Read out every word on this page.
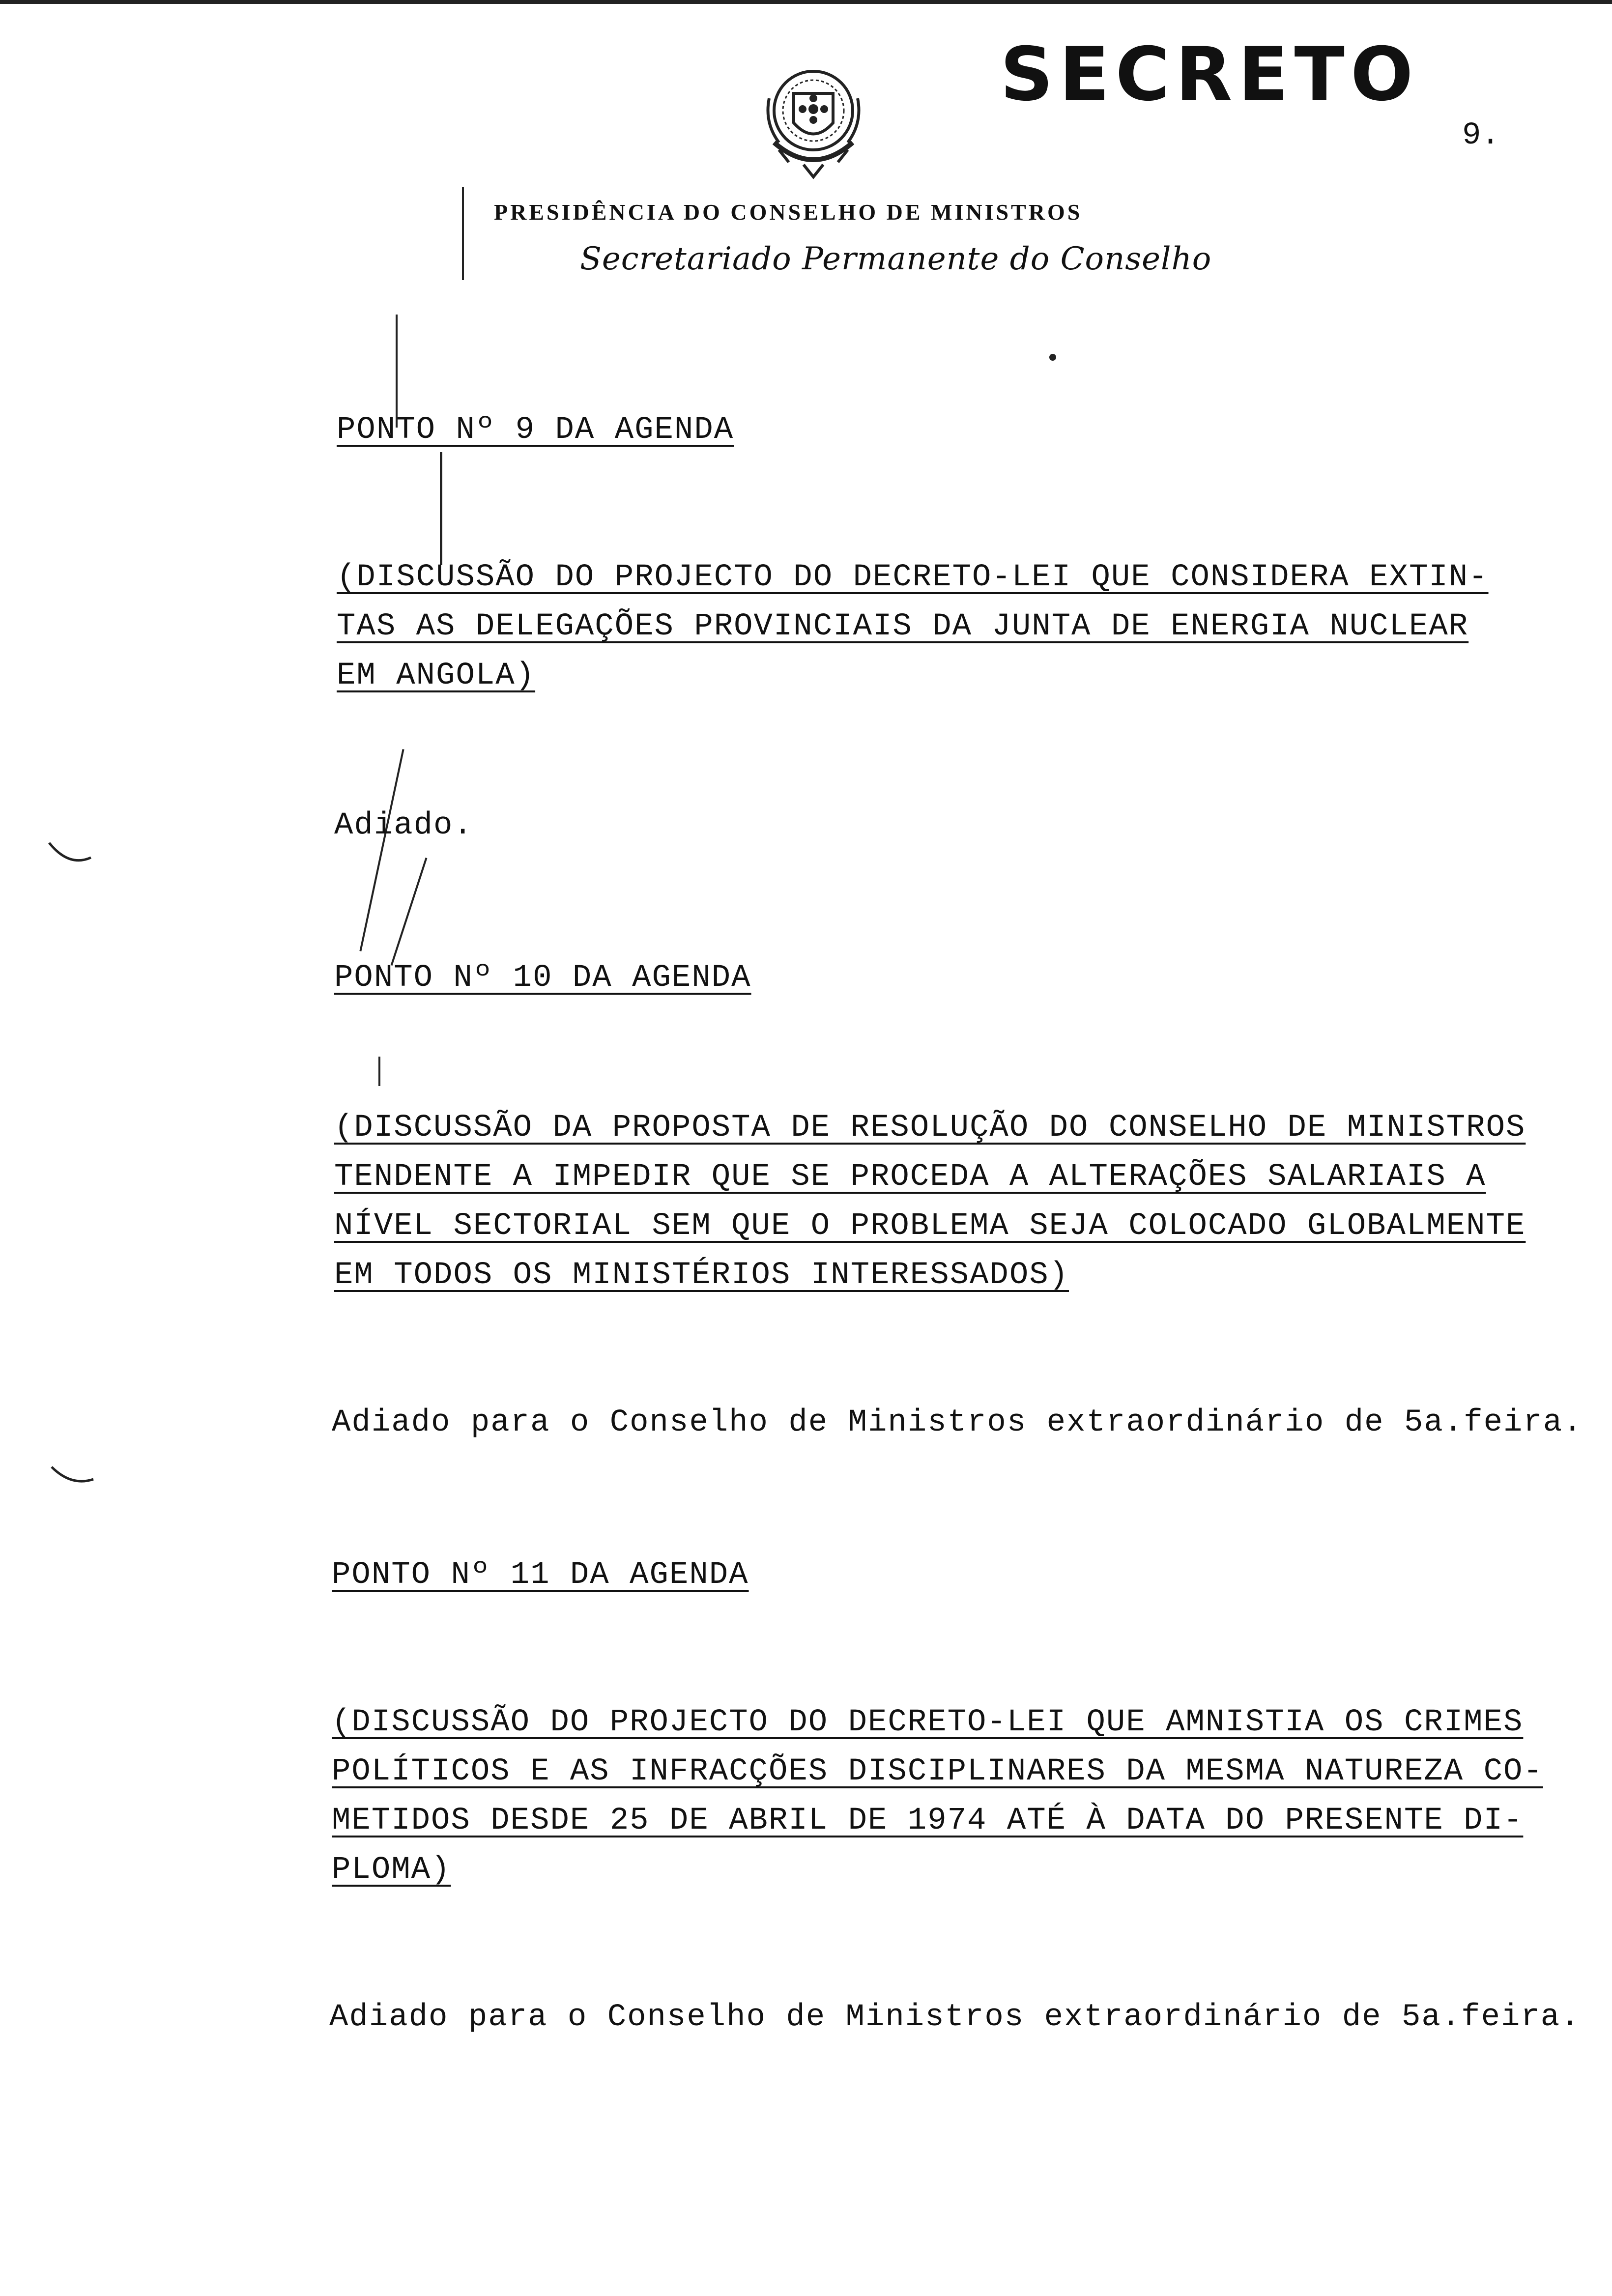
SECRETO
9.
PRESIDÊNCIA DO CONSELHO DE MINISTROS
Secretariado Permanente do Conselho
PONTO Nº 9 DA AGENDA
(DISCUSSÃO DO PROJECTO DO DECRETO-LEI QUE CONSIDERA EXTIN-
TAS AS DELEGAÇÕES PROVINCIAIS DA JUNTA DE ENERGIA NUCLEAR
EM ANGOLA)
Adiado.
PONTO Nº 10 DA AGENDA
(DISCUSSÃO DA PROPOSTA DE RESOLUÇÃO DO CONSELHO DE MINISTROS
TENDENTE A IMPEDIR QUE SE PROCEDA A ALTERAÇÕES SALARIAIS A
NÍVEL SECTORIAL SEM QUE O PROBLEMA SEJA COLOCADO GLOBALMENTE
EM TODOS OS MINISTÉRIOS INTERESSADOS)
Adiado para o Conselho de Ministros extraordinário de 5a.feira.
PONTO Nº 11 DA AGENDA
(DISCUSSÃO DO PROJECTO DO DECRETO-LEI QUE AMNISTIA OS CRIMES
POLÍTICOS E AS INFRACÇÕES DISCIPLINARES DA MESMA NATUREZA CO-
METIDOS DESDE 25 DE ABRIL DE 1974 ATÉ À DATA DO PRESENTE DI-
PLOMA)
Adiado para o Conselho de Ministros extraordinário de 5a.feira.
